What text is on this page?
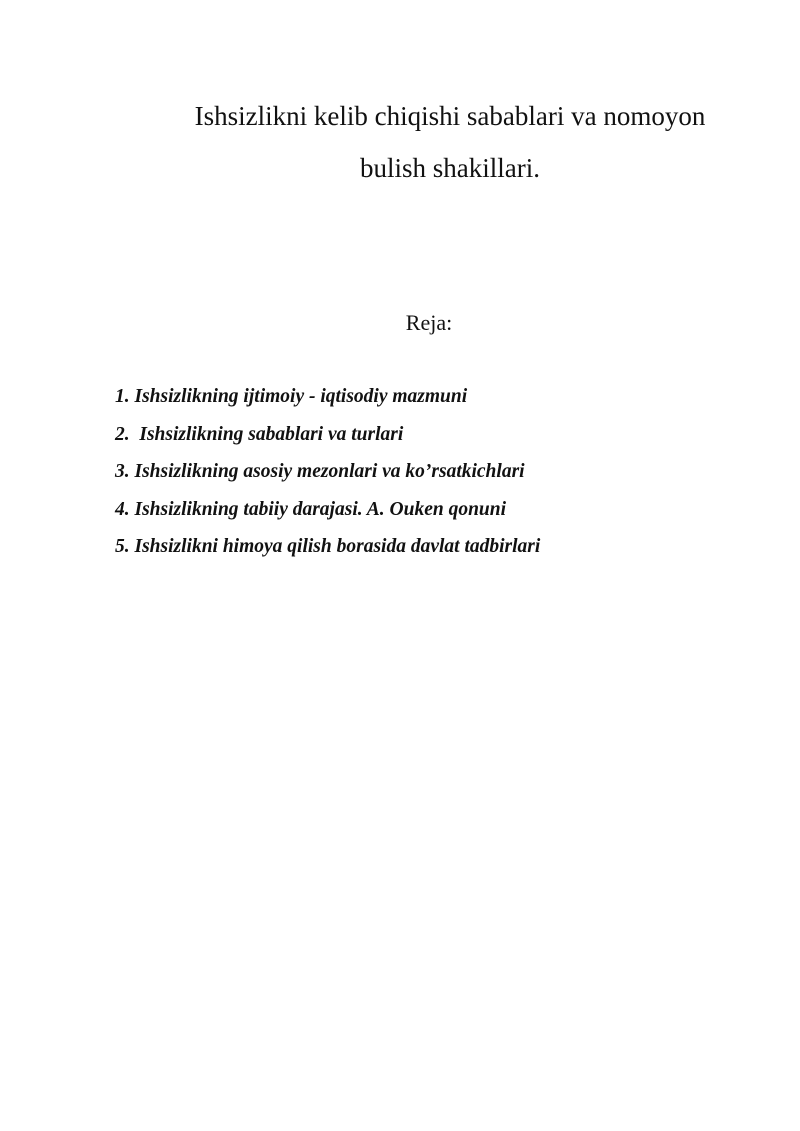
Ishsizlikni kelib chiqishi sabablari va nomoyon
bulish shakillari.
Reja:
1. Ishsizlikning ijtimoiy - iqtisodiy mazmuni
2.  Ishsizlikning sabablari va turlari
3. Ishsizlikning asosiy mezonlari va ko’rsatkichlari
4. Ishsizlikning tabiiy darajasi. A. Ouken qonuni
5. Ishsizlikni himoya qilish borasida davlat tadbirlari
